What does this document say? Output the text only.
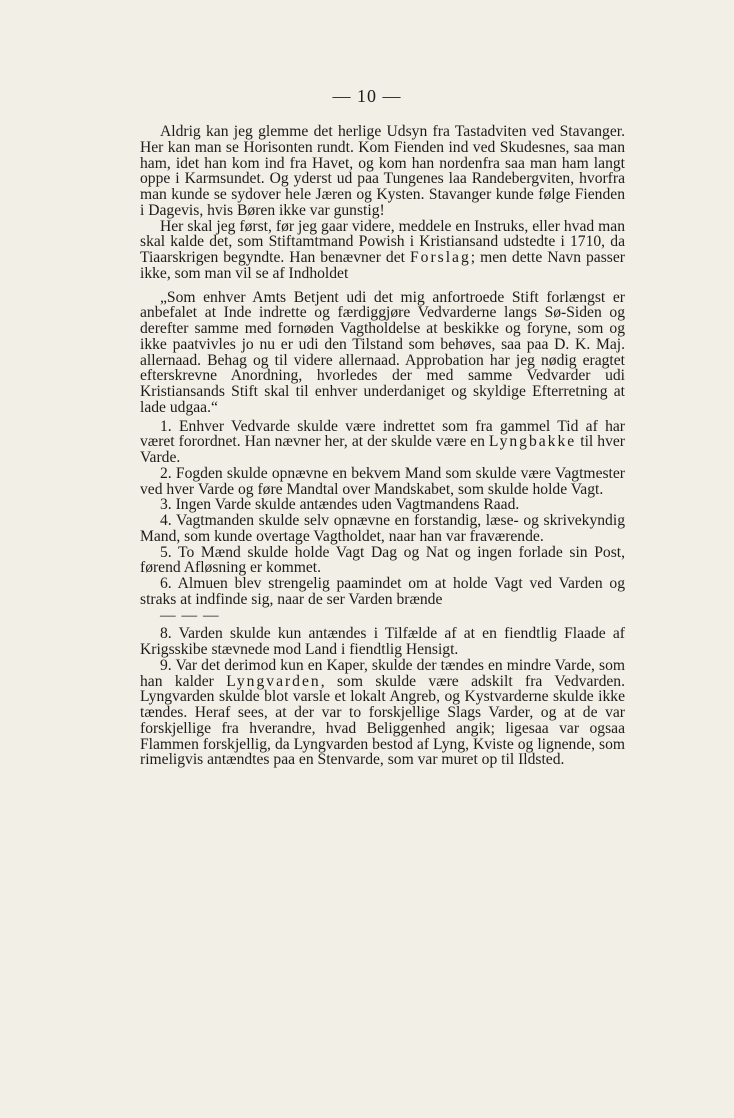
— 10 —

Aldrig kan jeg glemme det herlige Udsyn fra Tastadviten ved Stavanger. Her kan man se Horisonten rundt. Kom Fienden ind ved Skudesnes, saa man ham, idet han kom ind fra Havet, og kom han nordenfra saa man ham langt oppe i Karmsundet. Og yderst ud paa Tungenes laa Randebergviten, hvorfra man kunde se sydover hele Jæren og Kysten. Stavanger kunde følge Fienden i Dagevis, hvis Børen ikke var gunstig!

Her skal jeg først, før jeg gaar videre, meddele en Instruks, eller hvad man skal kalde det, som Stiftamtmand Powish i Kristiansand udstedte i 1710, da Tiaarskrigen begyndte. Han benævner det Forslag; men dette Navn passer ikke, som man vil se af Indholdet

„Som enhver Amts Betjent udi det mig anfortroede Stift forlængst er anbefalet at Inde indrette og færdiggjøre Vedvarderne langs Sø-Siden og derefter samme med fornøden Vagtholdelse at beskikke og foryne, som og ikke paatvivles jo nu er udi den Tilstand som behøves, saa paa D. K. Maj. allernaad. Behag og til videre allernaad. Approbation har jeg nødig eragtet efterskrevne Anordning, hvorledes der med samme Vedvarder udi Kristiansands Stift skal til enhver underdaniget og skyldige Efterretning at lade udgaa.“

1. Enhver Vedvarde skulde være indrettet som fra gammel Tid af har været forordnet. Han nævner her, at der skulde være en Lyngbakke til hver Varde.

2. Fogden skulde opnævne en bekvem Mand som skulde være Vagtmester ved hver Varde og føre Mandtal over Mandskabet, som skulde holde Vagt.

3. Ingen Varde skulde antændes uden Vagtmandens Raad.

4. Vagtmanden skulde selv opnævne en forstandig, læse- og skrivekyndig Mand, som kunde overtage Vagtholdet, naar han var fraværende.

5. To Mænd skulde holde Vagt Dag og Nat og ingen forlade sin Post, førend Afløsning er kommet.

6. Almuen blev strengelig paamindet om at holde Vagt ved Varden og straks at indfinde sig, naar de ser Varden brænde

— — —

8. Varden skulde kun antændes i Tilfælde af at en fiendtlig Flaade af Krigsskibe stævnede mod Land i fiendtlig Hensigt.

9. Var det derimod kun en Kaper, skulde der tændes en mindre Varde, som han kalder Lyngvarden, som skulde være adskilt fra Vedvarden. Lyngvarden skulde blot varsle et lokalt Angreb, og Kystvarderne skulde ikke tændes. Heraf sees, at der var to forskjellige Slags Varder, og at de var forskjellige fra hverandre, hvad Beliggenhed angik; ligesaa var ogsaa Flammen forskjellig, da Lyngvarden bestod af Lyng, Kviste og lignende, som rimeligvis antændtes paa en Stenvarde, som var muret op til Ildsted.
